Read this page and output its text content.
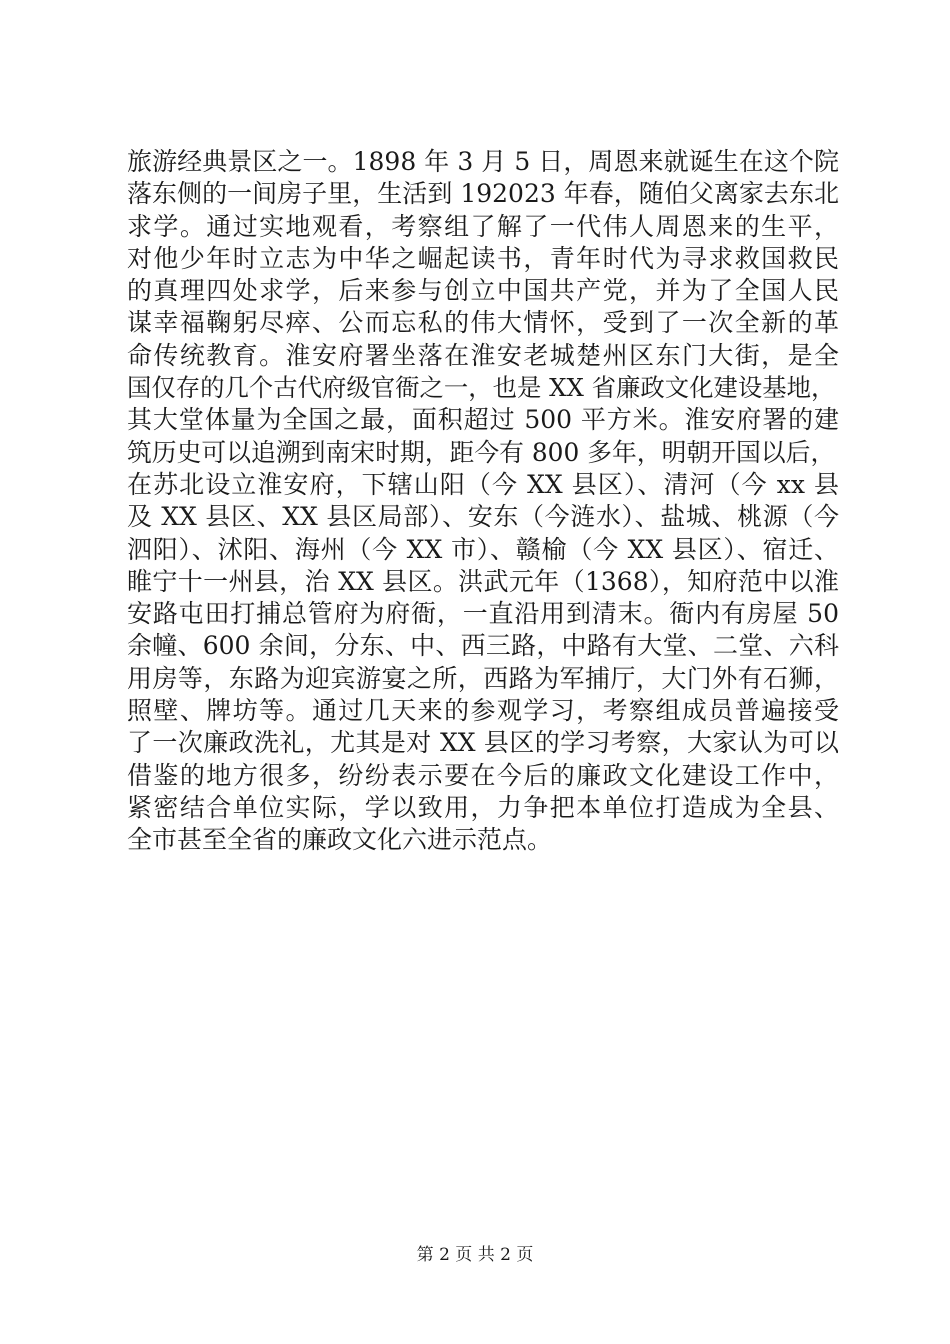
旅游经典景区之一。1898 年 3 月 5 日，周恩来就诞生在这个院
落东侧的一间房子里，生活到 192023 年春，随伯父离家去东北
求学。通过实地观看，考察组了解了一代伟人周恩来的生平，
对他少年时立志为中华之崛起读书，青年时代为寻求救国救民
的真理四处求学，后来参与创立中国共产党，并为了全国人民
谋幸福鞠躬尽瘁、公而忘私的伟大情怀，受到了一次全新的革
命传统教育。淮安府署坐落在淮安老城楚州区东门大街，是全
国仅存的几个古代府级官衙之一，也是 XX 省廉政文化建设基地，
其大堂体量为全国之最，面积超过 500 平方米。淮安府署的建
筑历史可以追溯到南宋时期，距今有 800 多年，明朝开国以后，
在苏北设立淮安府，下辖山阳（今 XX 县区）、清河（今 xx 县
及 XX 县区、XX 县区局部）、安东（今涟水）、盐城、桃源（今
泗阳）、沭阳、海州（今 XX 市）、赣榆（今 XX 县区）、宿迁、
睢宁十一州县，治 XX 县区。洪武元年（1368），知府范中以淮
安路屯田打捕总管府为府衙，一直沿用到清末。衙内有房屋 50
余幢、600 余间，分东、中、西三路，中路有大堂、二堂、六科
用房等，东路为迎宾游宴之所，西路为军捕厅，大门外有石狮，
照壁、牌坊等。通过几天来的参观学习，考察组成员普遍接受
了一次廉政洗礼，尤其是对 XX 县区的学习考察，大家认为可以
借鉴的地方很多，纷纷表示要在今后的廉政文化建设工作中，
紧密结合单位实际，学以致用，力争把本单位打造成为全县、
全市甚至全省的廉政文化六进示范点。
第 2 页 共 2 页
